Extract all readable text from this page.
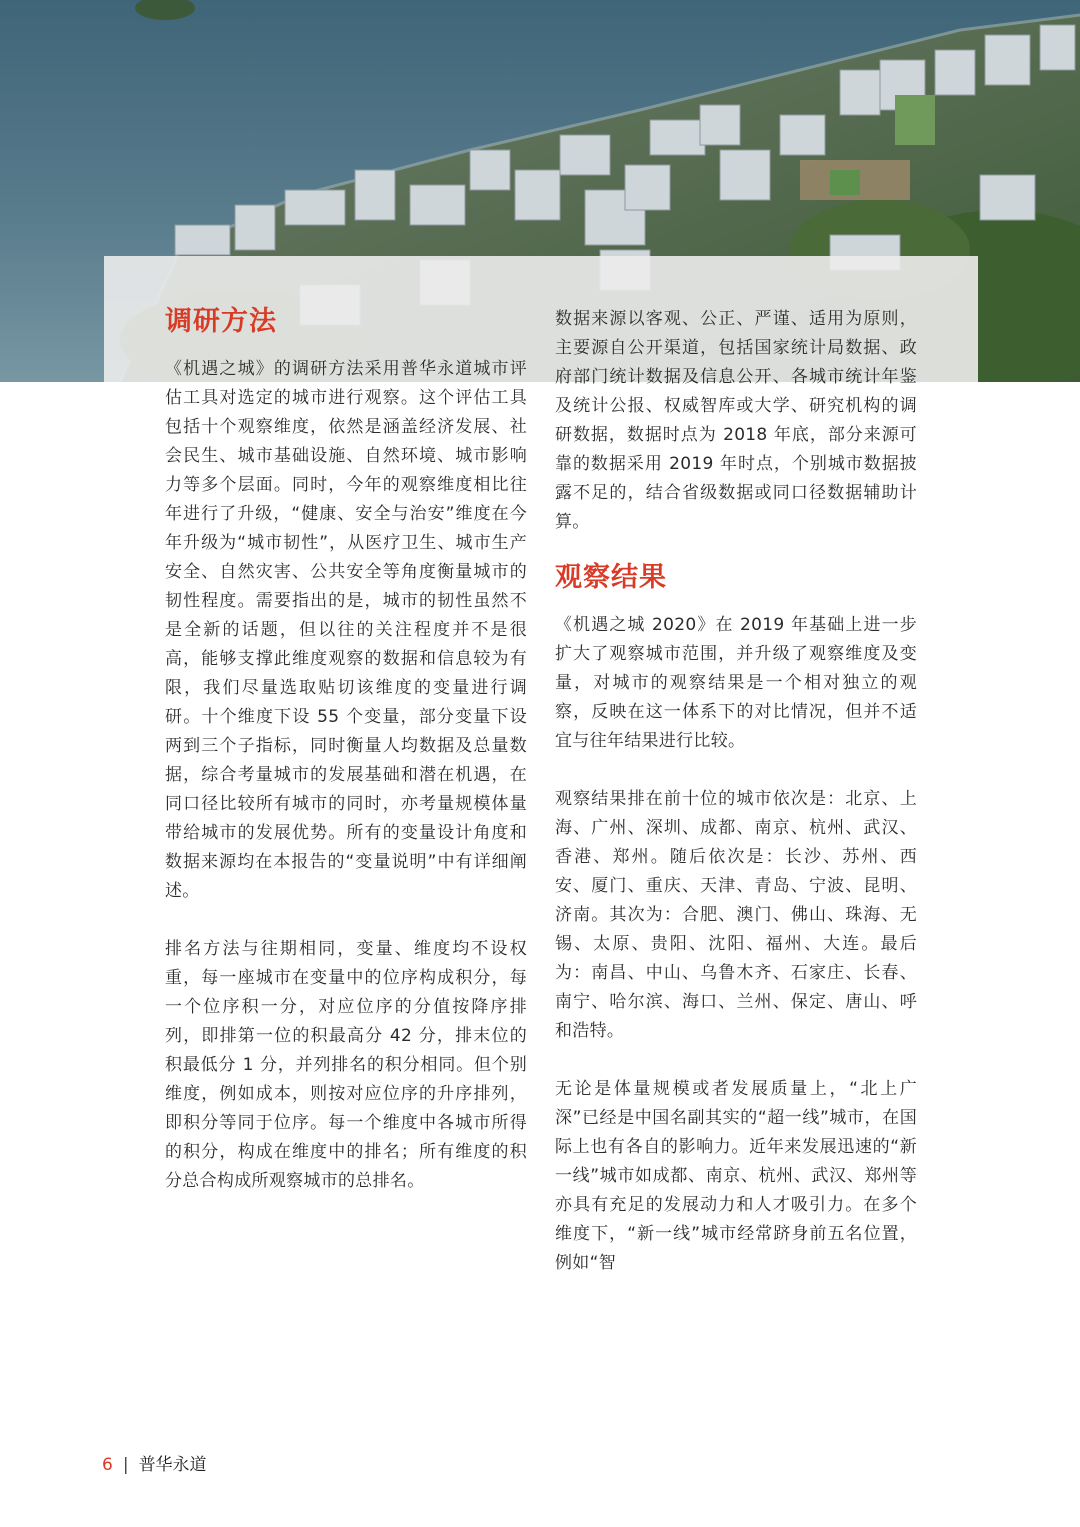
调研方法

《机遇之城》的调研方法采用普华永道城市评估工具对选定的城市进行观察。这个评估工具包括十个观察维度，依然是涵盖经济发展、社会民生、城市基础设施、自然环境、城市影响力等多个层面。同时，今年的观察维度相比往年进行了升级，“健康、安全与治安”维度在今年升级为“城市韧性”，从医疗卫生、城市生产安全、自然灾害、公共安全等角度衡量城市的韧性程度。需要指出的是，城市的韧性虽然不是全新的话题，但以往的关注程度并不是很高，能够支撑此维度观察的数据和信息较为有限，我们尽量选取贴切该维度的变量进行调研。十个维度下设 55 个变量，部分变量下设两到三个子指标，同时衡量人均数据及总量数据，综合考量城市的发展基础和潜在机遇，在同口径比较所有城市的同时，亦考量规模体量带给城市的发展优势。所有的变量设计角度和数据来源均在本报告的“变量说明”中有详细阐述。

排名方法与往期相同，变量、维度均不设权重，每一座城市在变量中的位序构成积分，每一个位序积一分，对应位序的分值按降序排列，即排第一位的积最高分 42 分，排末位的积最低分 1 分，并列排名的积分相同。但个别维度，例如成本，则按对应位序的升序排列，即积分等同于位序。每一个维度中各城市所得的积分，构成在维度中的排名；所有维度的积分总合构成所观察城市的总排名。

数据来源以客观、公正、严谨、适用为原则，主要源自公开渠道，包括国家统计局数据、政府部门统计数据及信息公开、各城市统计年鉴及统计公报、权威智库或大学、研究机构的调研数据，数据时点为 2018 年底，部分来源可靠的数据采用 2019 年时点，个别城市数据披露不足的，结合省级数据或同口径数据辅助计算。

观察结果

《机遇之城 2020》在 2019 年基础上进一步扩大了观察城市范围，并升级了观察维度及变量，对城市的观察结果是一个相对独立的观察，反映在这一体系下的对比情况，但并不适宜与往年结果进行比较。

观察结果排在前十位的城市依次是：北京、上海、广州、深圳、成都、南京、杭州、武汉、香港、郑州。随后依次是：长沙、苏州、西安、厦门、重庆、天津、青岛、宁波、昆明、济南。其次为：合肥、澳门、佛山、珠海、无锡、太原、贵阳、沈阳、福州、大连。最后为：南昌、中山、乌鲁木齐、石家庄、长春、南宁、哈尔滨、海口、兰州、保定、唐山、呼和浩特。

无论是体量规模或者发展质量上，“北上广深”已经是中国名副其实的“超一线”城市，在国际上也有各自的影响力。近年来发展迅速的“新一线”城市如成都、南京、杭州、武汉、郑州等亦具有充足的发展动力和人才吸引力。在多个维度下，“新一线”城市经常跻身前五名位置，例如“智

6 | 普华永道
